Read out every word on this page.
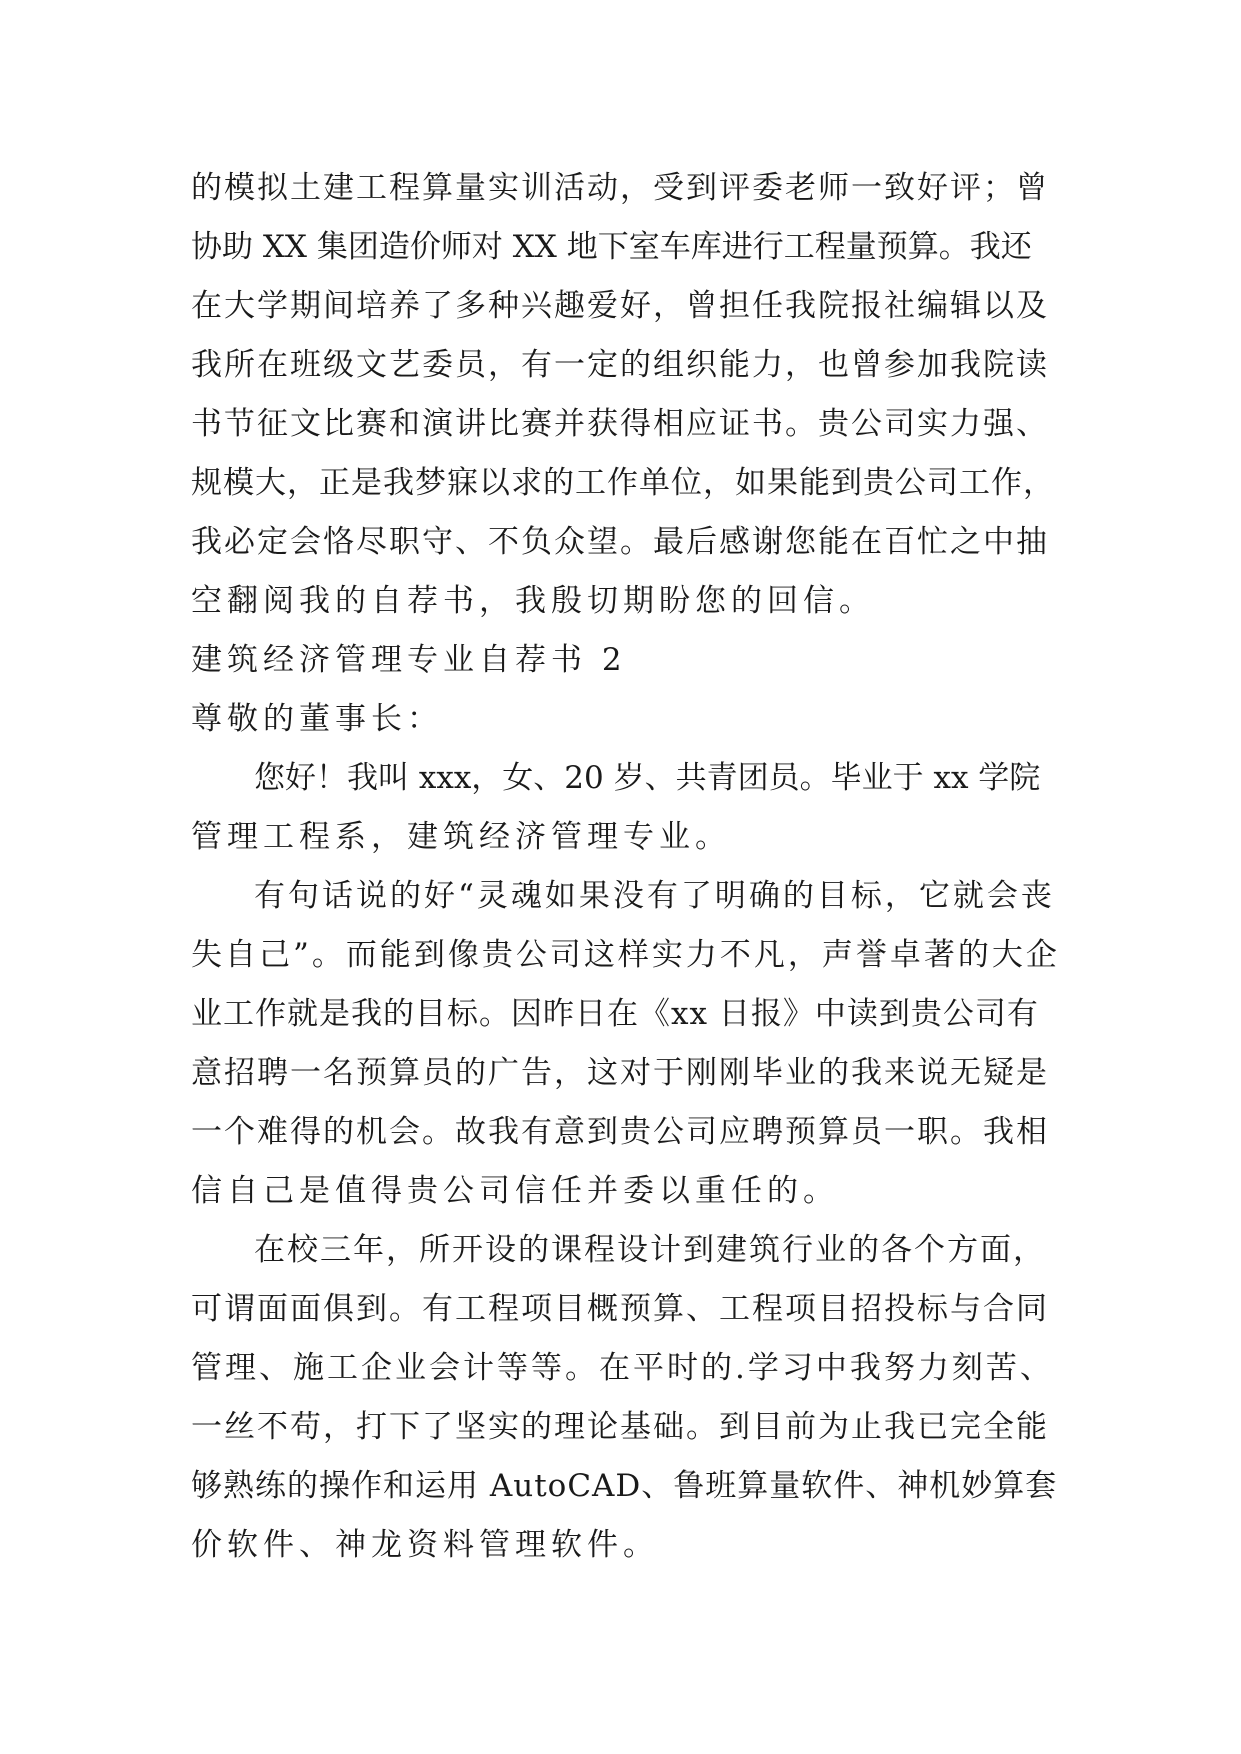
的模拟土建工程算量实训活动，受到评委老师一致好评；曾
协助 XX 集团造价师对 XX 地下室车库进行工程量预算。我还
在大学期间培养了多种兴趣爱好，曾担任我院报社编辑以及
我所在班级文艺委员，有一定的组织能力，也曾参加我院读
书节征文比赛和演讲比赛并获得相应证书。贵公司实力强、
规模大，正是我梦寐以求的工作单位，如果能到贵公司工作，
我必定会恪尽职守、不负众望。最后感谢您能在百忙之中抽
空翻阅我的自荐书，我殷切期盼您的回信。
建筑经济管理专业自荐书 2
尊敬的董事长：
您好！我叫 xxx，女、20 岁、共青团员。毕业于 xx 学院
管理工程系，建筑经济管理专业。
有句话说的好“灵魂如果没有了明确的目标，它就会丧
失自己”。而能到像贵公司这样实力不凡，声誉卓著的大企
业工作就是我的目标。因昨日在《xx 日报》中读到贵公司有
意招聘一名预算员的广告，这对于刚刚毕业的我来说无疑是
一个难得的机会。故我有意到贵公司应聘预算员一职。我相
信自己是值得贵公司信任并委以重任的。
在校三年，所开设的课程设计到建筑行业的各个方面，
可谓面面俱到。有工程项目概预算、工程项目招投标与合同
管理、施工企业会计等等。在平时的.学习中我努力刻苦、
一丝不苟，打下了坚实的理论基础。到目前为止我已完全能
够熟练的操作和运用 AutoCAD、鲁班算量软件、神机妙算套
价软件、神龙资料管理软件。
